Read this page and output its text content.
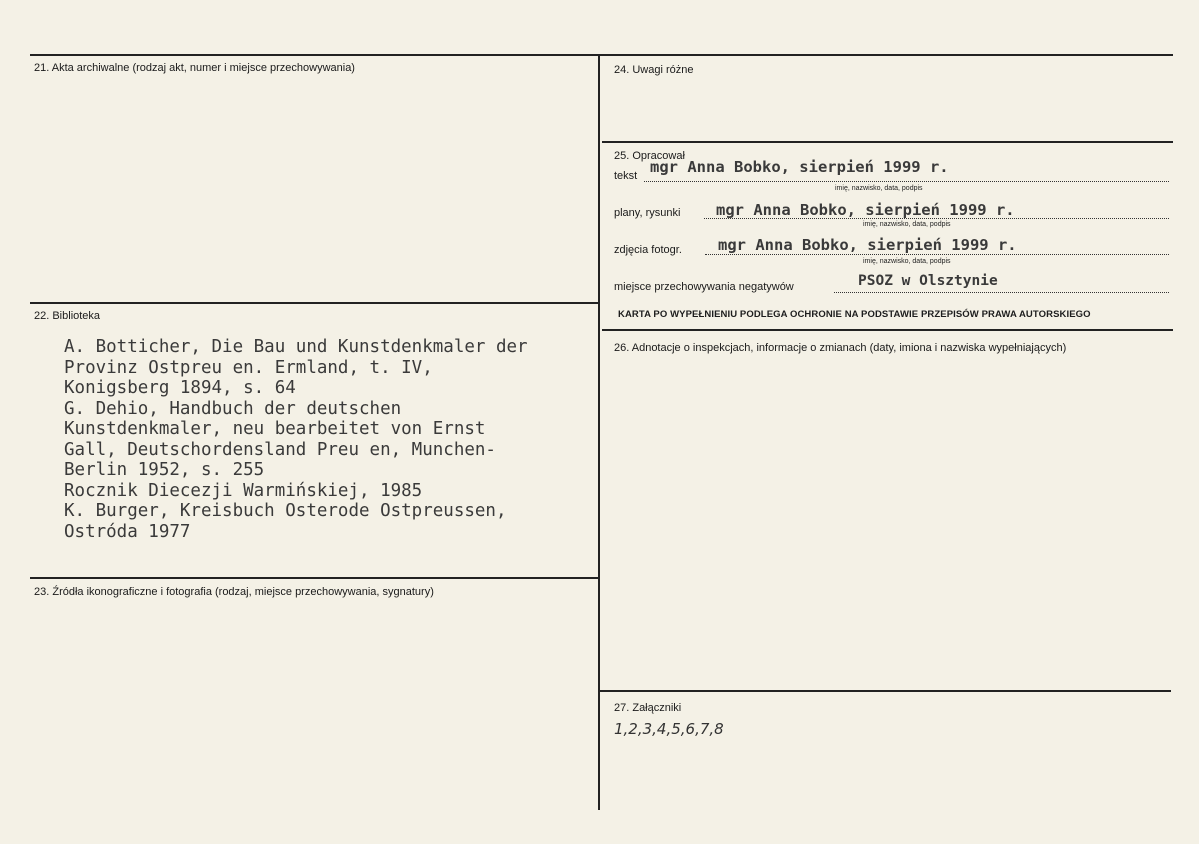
21. Akta archiwalne (rodzaj akt, numer i miejsce przechowywania)
22. Biblioteka
A. Botticher, Die Bau und Kunstdenkmaler der
Provinz Ostpreu en. Ermland, t. IV,
Konigsberg 1894, s. 64
G. Dehio, Handbuch der deutschen
Kunstdenkmaler, neu bearbeitet von Ernst
Gall, Deutschordensland Preu en, Munchen-
Berlin 1952, s. 255
Rocznik Diecezji Warmińskiej, 1985
K. Burger, Kreisbuch Osterode Ostpreussen,
Ostróda 1977
23. Źródła ikonograficzne i fotografia (rodzaj, miejsce przechowywania, sygnatury)
24. Uwagi różne
25. Opracował
tekst mgr Anna Bobko, sierpień 1999 r.
imię, nazwisko, data, podpis
plany, rysunki mgr Anna Bobko, sierpień 1999 r.
imię, nazwisko, data, podpis
zdjęcia fotogr. mgr Anna Bobko, sierpień 1999 r.
imię, nazwisko, data, podpis
miejsce przechowywania negatywów	PSOZ w Olsztynie
KARTA PO WYPEŁNIENIU PODLEGA OCHRONIE NA PODSTAWIE PRZEPISÓW PRAWA AUTORSKIEGO
26. Adnotacje o inspekcjach, informacje o zmianach (daty, imiona i nazwiska wypełniających)
27. Załączniki
1,2,3,4,5,6,7,8
